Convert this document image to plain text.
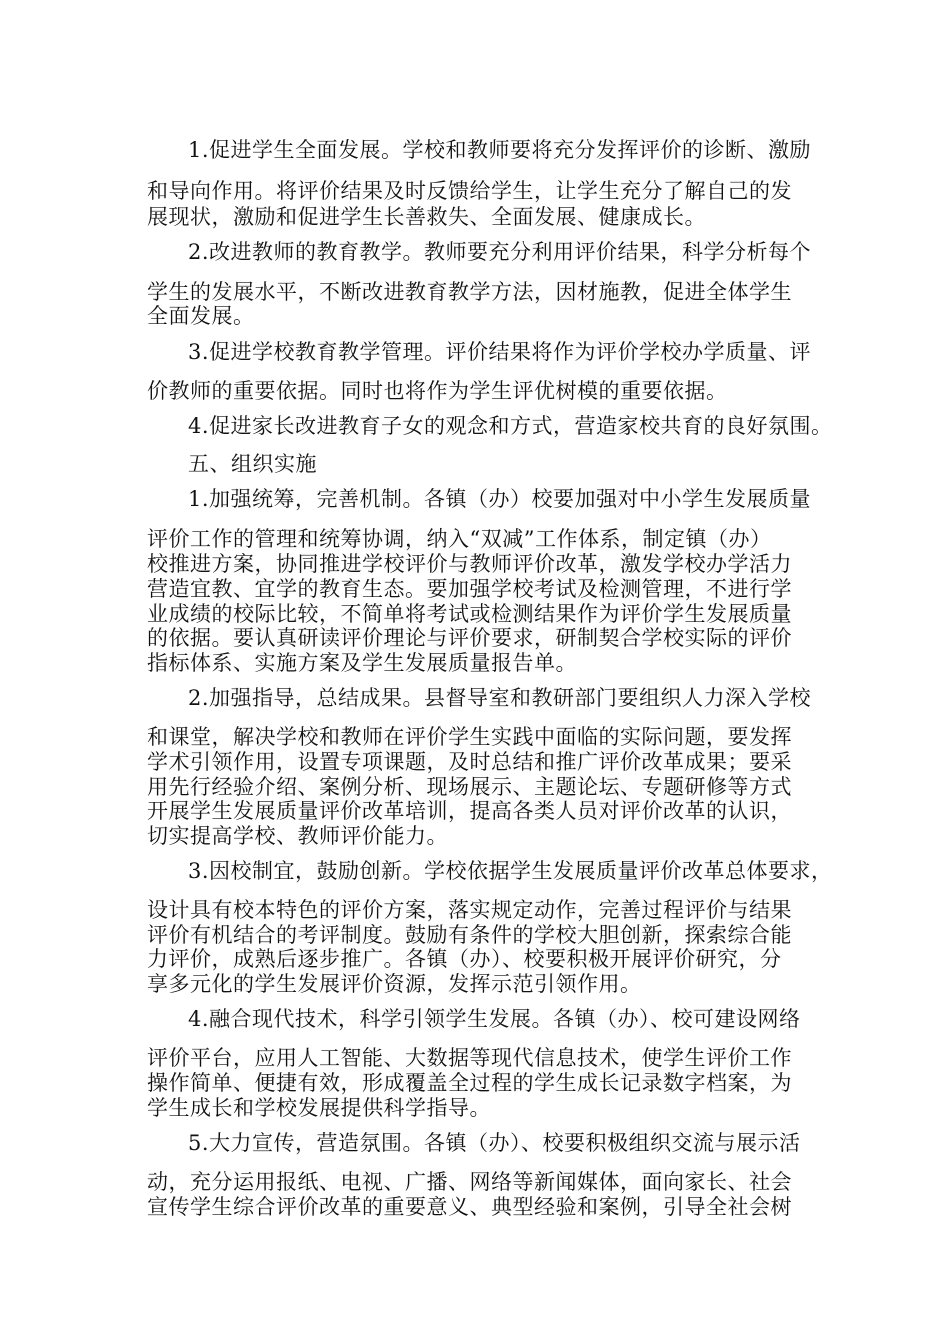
1.促进学生全面发展。学校和教师要将充分发挥评价的诊断、激励
和导向作用。将评价结果及时反馈给学生，让学生充分了解自己的发
展现状，激励和促进学生长善救失、全面发展、健康成长。
2.改进教师的教育教学。教师要充分利用评价结果，科学分析每个
学生的发展水平，不断改进教育教学方法，因材施教，促进全体学生
全面发展。
3.促进学校教育教学管理。评价结果将作为评价学校办学质量、评
价教师的重要依据。同时也将作为学生评优树模的重要依据。
4.促进家长改进教育子女的观念和方式，营造家校共育的良好氛围。
五、组织实施
1.加强统筹，完善机制。各镇（办）校要加强对中小学生发展质量
评价工作的管理和统筹协调，纳入“双减”工作体系，制定镇（办）
校推进方案，协同推进学校评价与教师评价改革，激发学校办学活力
营造宜教、宜学的教育生态。要加强学校考试及检测管理，不进行学
业成绩的校际比较，不简单将考试或检测结果作为评价学生发展质量
的依据。要认真研读评价理论与评价要求，研制契合学校实际的评价
指标体系、实施方案及学生发展质量报告单。
2.加强指导，总结成果。县督导室和教研部门要组织人力深入学校
和课堂，解决学校和教师在评价学生实践中面临的实际问题，要发挥
学术引领作用，设置专项课题，及时总结和推广评价改革成果；要采
用先行经验介绍、案例分析、现场展示、主题论坛、专题研修等方式
开展学生发展质量评价改革培训，提高各类人员对评价改革的认识，
切实提高学校、教师评价能力。
3.因校制宜，鼓励创新。学校依据学生发展质量评价改革总体要求，
设计具有校本特色的评价方案，落实规定动作，完善过程评价与结果
评价有机结合的考评制度。鼓励有条件的学校大胆创新，探索综合能
力评价，成熟后逐步推广。各镇（办）、校要积极开展评价研究，分
享多元化的学生发展评价资源，发挥示范引领作用。
4.融合现代技术，科学引领学生发展。各镇（办）、校可建设网络
评价平台，应用人工智能、大数据等现代信息技术，使学生评价工作
操作简单、便捷有效，形成覆盖全过程的学生成长记录数字档案，为
学生成长和学校发展提供科学指导。
5.大力宣传，营造氛围。各镇（办）、校要积极组织交流与展示活
动，充分运用报纸、电视、广播、网络等新闻媒体，面向家长、社会
宣传学生综合评价改革的重要意义、典型经验和案例，引导全社会树
